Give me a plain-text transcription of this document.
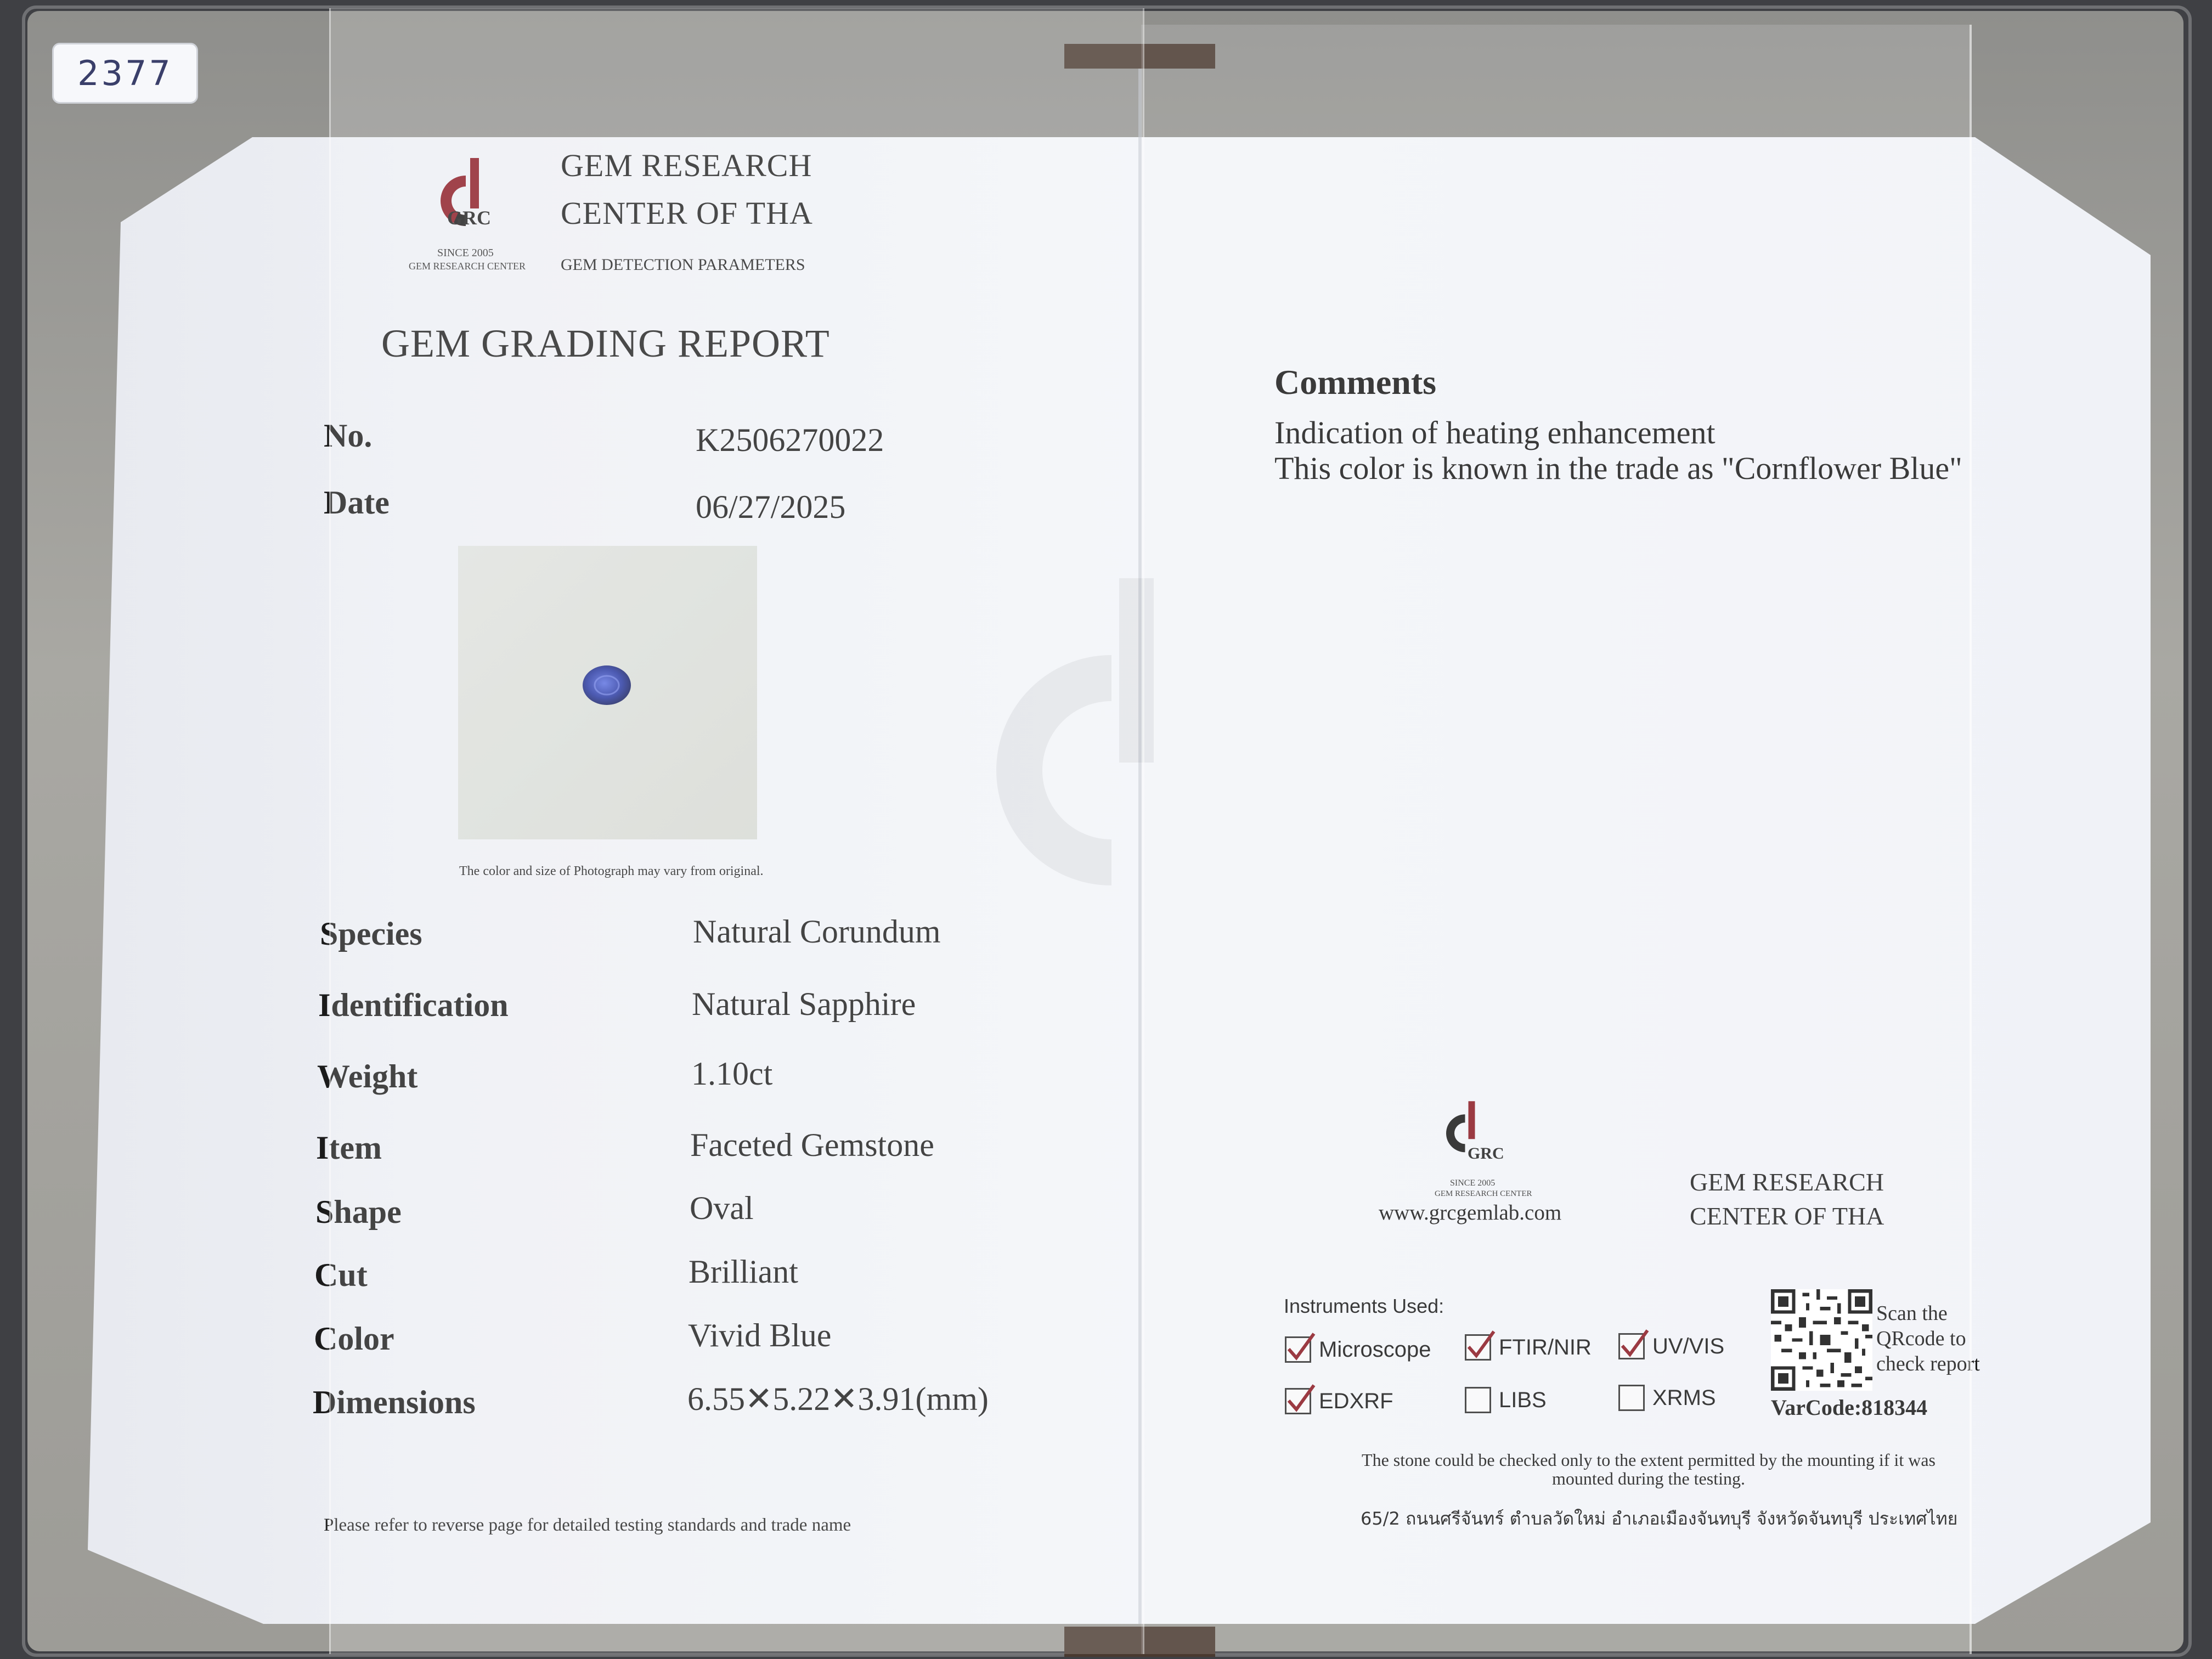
2377
GRC
SINCE 2005
GEM RESEARCH CENTER
GEM RESEARCH
CENTER OF THA
GEM DETECTION PARAMETERS
GEM GRADING REPORT
No.	K2506270022
Date	06/27/2025
The color and size of Photograph may vary from original.
Species	Natural Corundum
Identification	Natural Sapphire
Weight	1.10ct
Item	Faceted Gemstone
Shape	Oval
Cut	Brilliant
Color	Vivid Blue
Dimensions	6.55✕5.22✕3.91(mm)
Please refer to reverse page for detailed testing standards and trade name
Comments
Indication of heating enhancement
This color is known in the trade as "Cornflower Blue"
GRC
SINCE 2005
GEM RESEARCH CENTER
www.grcgemlab.com
GEM RESEARCH
CENTER OF THA
Instruments Used:
Microscope	FTIR/NIR	UV/VIS
EDXRF	LIBS	XRMS
Scan the
QRcode to
check report
VarCode:818344
The stone could be checked only to the extent permitted by the mounting if it was mounted during the testing.
65/2 ถนนศรีจันทร์ ตำบลวัดใหม่ อำเภอเมืองจันทบุรี จังหวัดจันทบุรี ประเทศไทย
